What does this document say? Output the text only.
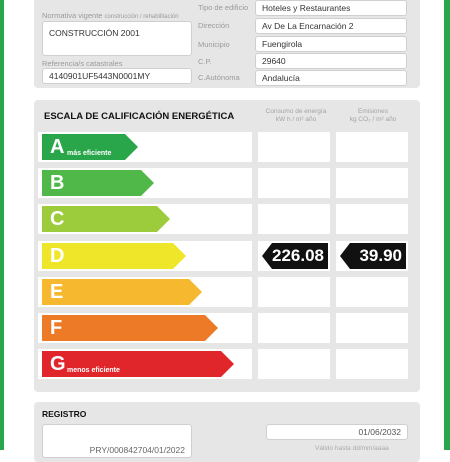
Normativa vigente construcción / rehabilitación
CONSTRUCCIÓN 2001
Referencia/s catastrales
4140901UF5443N0001MY
Tipo de edificio	Hoteles y Restaurantes
Dirección	Av De La Encarnación 2
Municipio	Fuengirola
C.P.	29640
C.Autónoma	Andalucía
ESCALA DE CALIFICACIÓN ENERGÉTICA	Consumo de energía
kW h / m² año
Emisiones
kg CO₂ / m² año
A más eficiente
B
C
D	226.08	39.90
E
F
G menos eficiente
REGISTRO
PRY/000842704/01/2022
01/06/2032
Válido hasta dd/mm/aaaa
